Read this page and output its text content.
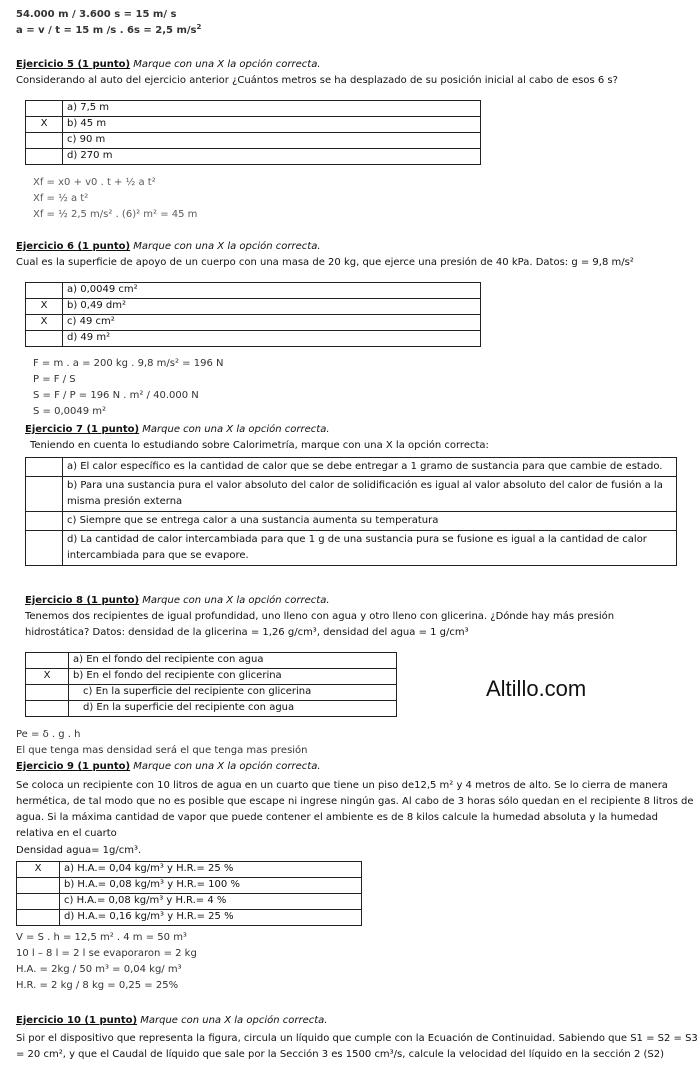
54.000 m / 3.600 s = 15 m/ s
a = v / t = 15 m /s . 6s = 2,5 $m/s^2$
Ejercicio 5 (1 punto) Marque con una X la opción correcta.
Considerando al auto del ejercicio anterior ¿Cuántos metros se ha desplazado de su posición inicial al cabo de esos 6 s?
	a) 7,5 m
X	b) 45 m
	c) 90 m
	d) 270 m
Xf = x0 + v0 . t + ½ a t²
Xf = ½ a t²
Xf = ½ 2,5 m/s² . (6)² m² = 45 m
Ejercicio 6 (1 punto) Marque con una X la opción correcta.
Cual es la superficie de apoyo de un cuerpo con una masa de 20 kg, que ejerce una presión de 40 kPa. Datos: g = 9,8 m/s²
	a) 0,0049 cm²
X	b) 0,49 dm²
X	c) 49 cm²
	d) 49 m²
F = m . a = 200 kg . 9,8 m/s² = 196 N
P = F / S
S = F / P = 196 N . m² / 40.000 N
S = 0,0049 m²
Ejercicio 7 (1 punto) Marque con una X la opción correcta.
Teniendo en cuenta lo estudiando sobre Calorimetría, marque con una X la opción correcta:
	a) El calor específico es la cantidad de calor que se debe entregar a 1 gramo de sustancia para que cambie de estado.
	b) Para una sustancia pura el valor absoluto del calor de solidificación es igual al valor absoluto del calor de fusión a la misma presión externa
	c) Siempre que se entrega calor a una sustancia aumenta su temperatura
	d) La cantidad de calor intercambiada para que 1 g de una sustancia pura se fusione es igual a la cantidad de calor intercambiada para que se evapore.
Ejercicio 8 (1 punto) Marque con una X la opción correcta.
Tenemos dos recipientes de igual profundidad, uno lleno con agua y otro lleno con glicerina. ¿Dónde hay más presión
hidrostática? Datos: densidad de la glicerina = 1,26 g/cm³, densidad del agua = 1 g/cm³
	a) En el fondo del recipiente con agua
X	b) En el fondo del recipiente con glicerina
	c) En la superficie del recipiente con glicerina
	d) En la superficie del recipiente con agua
Altillo.com
Pe = δ . g . h
El que tenga mas densidad será el que tenga mas presión
Ejercicio 9 (1 punto) Marque con una X la opción correcta.

Se coloca un recipiente con 10 litros de agua en un cuarto que tiene un piso de12,5 m² y 4 metros de alto. Se lo cierra de manera hermética, de tal modo que no es posible que escape ni ingrese ningún gas. Al cabo de 3 horas sólo quedan en el recipiente 8 litros de agua. Si la máxima cantidad de vapor que puede contener el ambiente es de 8 kilos calcule la humedad absoluta y la humedad relativa en el cuarto

Densidad agua= 1g/cm³.
X	a) H.A.= 0,04 kg/m³ y H.R.= 25 %
	b) H.A.= 0,08 kg/m³ y H.R.= 100 %
	c) H.A.= 0,08 kg/m³ y H.R.= 4 %
	d) H.A.= 0,16 kg/m³ y H.R.= 25 %
V = S . h = 12,5 m² . 4 m = 50 m³
10 l – 8 l = 2 l se evaporaron = 2 kg
H.A. = 2kg / 50 m³ = 0,04 kg/ m³
H.R. = 2 kg / 8 kg = 0,25 = 25%
Ejercicio 10 (1 punto) Marque con una X la opción correcta.

Si por el dispositivo que representa la figura, circula un líquido que cumple con la Ecuación de Continuidad. Sabiendo que S1 = S2 = S3 = 20 cm², y que el Caudal de líquido que sale por la Sección 3 es 1500 cm³/s, calcule la velocidad del líquido en la sección 2 (S2)
